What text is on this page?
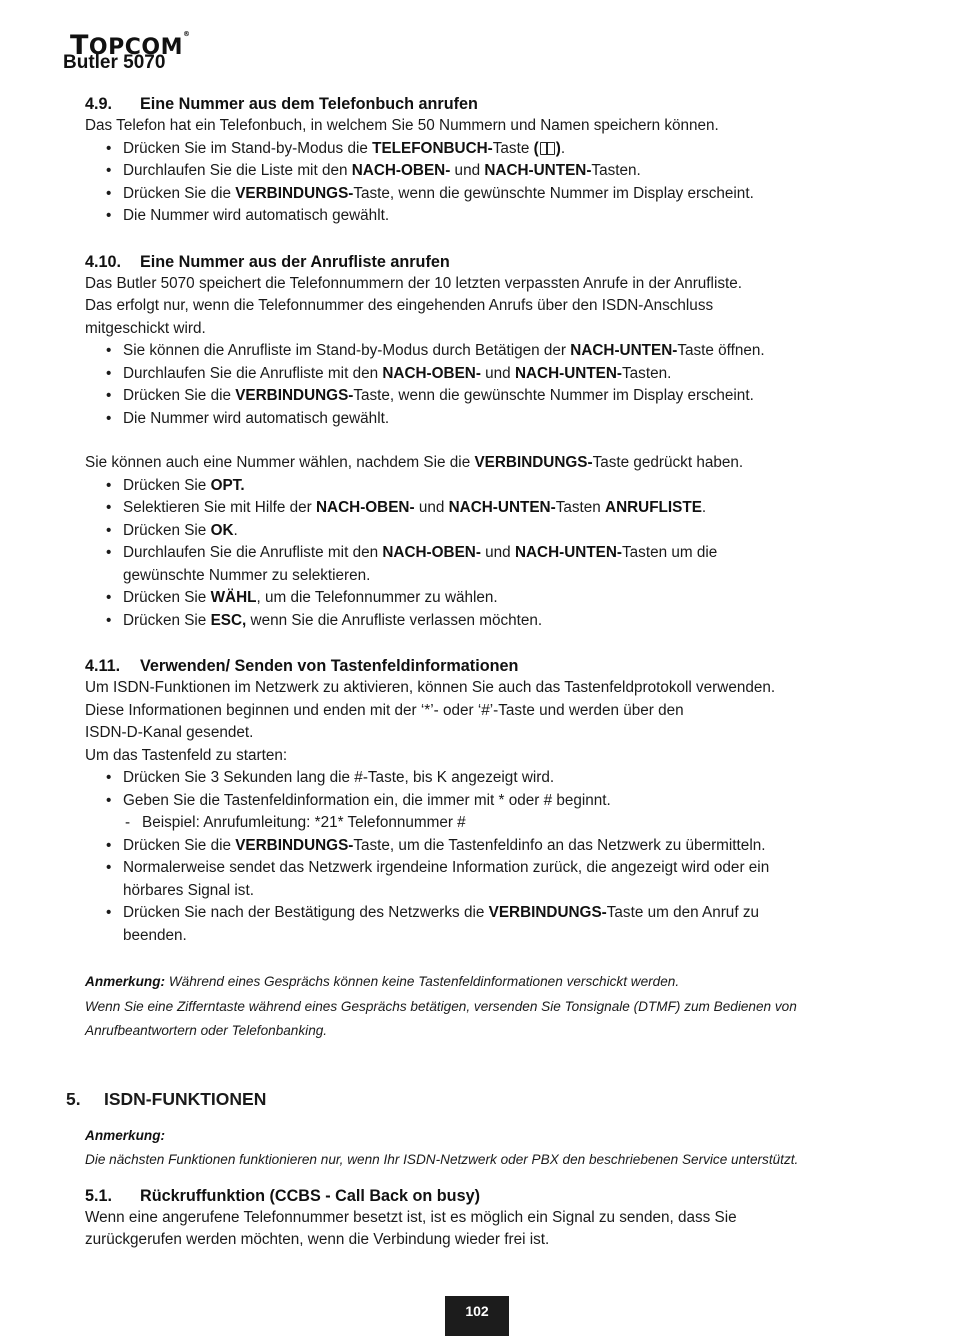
TOPCOM®
Butler 5070
4.9. Eine Nummer aus dem Telefonbuch anrufen

Das Telefon hat ein Telefonbuch, in welchem Sie 50 Nummern und Namen speichern können.

• Drücken Sie im Stand-by-Modus die TELEFONBUCH-Taste ( ).
• Durchlaufen Sie die Liste mit den NACH-OBEN- und NACH-UNTEN-Tasten.
• Drücken Sie die VERBINDUNGS-Taste, wenn die gewünschte Nummer im Display erscheint.
• Die Nummer wird automatisch gewählt.
4.10. Eine Nummer aus der Anrufliste anrufen

Das Butler 5070 speichert die Telefonnummern der 10 letzten verpassten Anrufe in der Anrufliste.

Das erfolgt nur, wenn die Telefonnummer des eingehenden Anrufs über den ISDN-Anschluss

mitgeschickt wird.

• Sie können die Anrufliste im Stand-by-Modus durch Betätigen der NACH-UNTEN-Taste öffnen.
• Durchlaufen Sie die Anrufliste mit den NACH-OBEN- und NACH-UNTEN-Tasten.
• Drücken Sie die VERBINDUNGS-Taste, wenn die gewünschte Nummer im Display erscheint.
• Die Nummer wird automatisch gewählt.

Sie können auch eine Nummer wählen, nachdem Sie die VERBINDUNGS-Taste gedrückt haben.

• Drücken Sie OPT.
• Selektieren Sie mit Hilfe der NACH-OBEN- und NACH-UNTEN-Tasten ANRUFLISTE.
• Drücken Sie OK.
• Durchlaufen Sie die Anrufliste mit den NACH-OBEN- und NACH-UNTEN-Tasten um die
gewünschte Nummer zu selektieren.
• Drücken Sie WÄHL, um die Telefonnummer zu wählen.
• Drücken Sie ESC, wenn Sie die Anrufliste verlassen möchten.
4.11. Verwenden/ Senden von Tastenfeldinformationen

Um ISDN-Funktionen im Netzwerk zu aktivieren, können Sie auch das Tastenfeldprotokoll verwenden.

Diese Informationen beginnen und enden mit der ‘*’- oder ‘#’-Taste und werden über den

ISDN-D-Kanal gesendet.

Um das Tastenfeld zu starten:

• Drücken Sie 3 Sekunden lang die #-Taste, bis K angezeigt wird.
• Geben Sie die Tastenfeldinformation ein, die immer mit * oder # beginnt.
- Beispiel: Anrufumleitung: *21* Telefonnummer #
• Drücken Sie die VERBINDUNGS-Taste, um die Tastenfeldinfo an das Netzwerk zu übermitteln.
• Normalerweise sendet das Netzwerk irgendeine Information zurück, die angezeigt wird oder ein
hörbares Signal ist.
• Drücken Sie nach der Bestätigung des Netzwerks die VERBINDUNGS-Taste um den Anruf zu
beenden.
Anmerkung: Während eines Gesprächs können keine Tastenfeldinformationen verschickt werden.
Wenn Sie eine Zifferntaste während eines Gesprächs betätigen, versenden Sie Tonsignale (DTMF) zum Bedienen von
Anrufbeantwortern oder Telefonbanking.
5. ISDN-FUNKTIONEN
Anmerkung:
Die nächsten Funktionen funktionieren nur, wenn Ihr ISDN-Netzwerk oder PBX den beschriebenen Service unterstützt.
5.1. Rückruffunktion (CCBS - Call Back on busy)

Wenn eine angerufene Telefonnummer besetzt ist, ist es möglich ein Signal zu senden, dass Sie

zurückgerufen werden möchten, wenn die Verbindung wieder frei ist.

102
